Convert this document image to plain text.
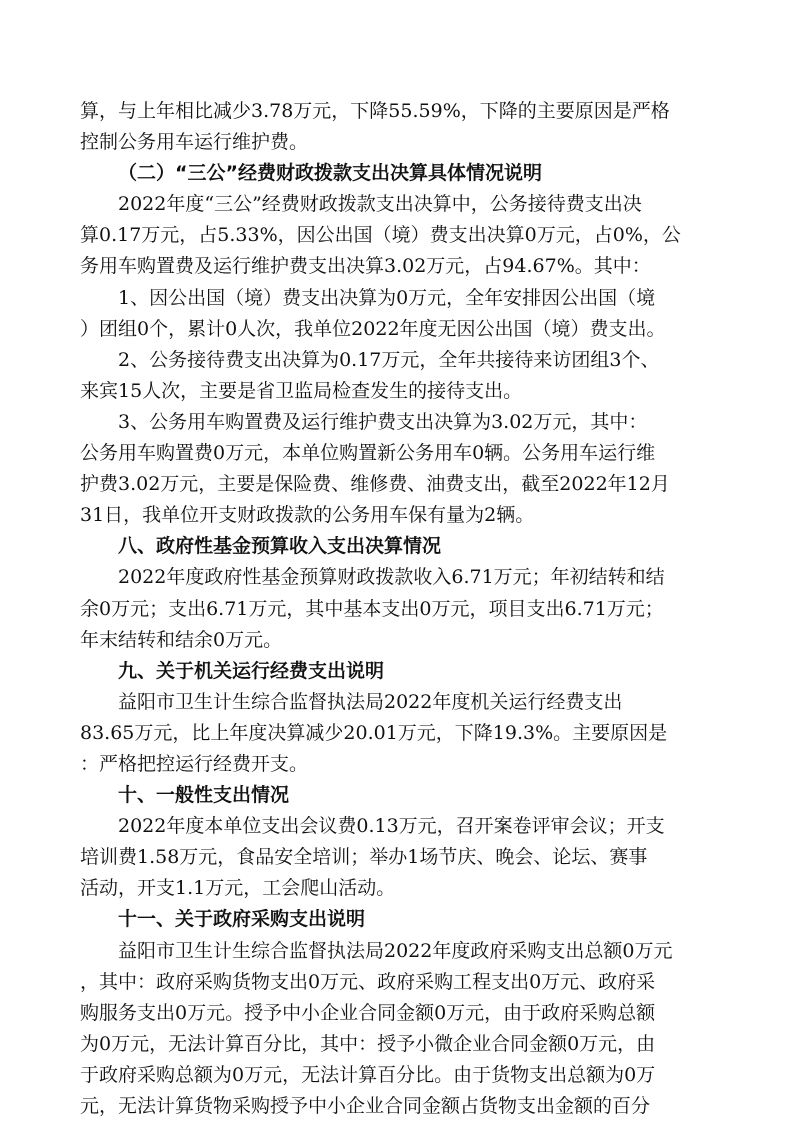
算，与上年相比减少3.78万元，下降55.59%，下降的主要原因是严格
控制公务用车运行维护费。
（二）“三公”经费财政拨款支出决算具体情况说明
2022年度“三公”经费财政拨款支出决算中，公务接待费支出决
算0.17万元，占5.33%，因公出国（境）费支出决算0万元，占0%，公
务用车购置费及运行维护费支出决算3.02万元，占94.67%。其中：
1、因公出国（境）费支出决算为0万元，全年安排因公出国（境
）团组0个，累计0人次，我单位2022年度无因公出国（境）费支出。
2、公务接待费支出决算为0.17万元，全年共接待来访团组3个、
来宾15人次，主要是省卫监局检查发生的接待支出。
3、公务用车购置费及运行维护费支出决算为3.02万元，其中：
公务用车购置费0万元，本单位购置新公务用车0辆。公务用车运行维
护费3.02万元，主要是保险费、维修费、油费支出，截至2022年12月
31日，我单位开支财政拨款的公务用车保有量为2辆。
八、政府性基金预算收入支出决算情况
2022年度政府性基金预算财政拨款收入6.71万元；年初结转和结
余0万元；支出6.71万元，其中基本支出0万元，项目支出6.71万元；
年末结转和结余0万元。
九、关于机关运行经费支出说明
益阳市卫生计生综合监督执法局2022年度机关运行经费支出
83.65万元，比上年度决算减少20.01万元，下降19.3%。主要原因是
：严格把控运行经费开支。
十、一般性支出情况
2022年度本单位支出会议费0.13万元，召开案卷评审会议；开支
培训费1.58万元，食品安全培训；举办1场节庆、晚会、论坛、赛事
活动，开支1.1万元，工会爬山活动。
十一、关于政府采购支出说明
益阳市卫生计生综合监督执法局2022年度政府采购支出总额0万元
，其中：政府采购货物支出0万元、政府采购工程支出0万元、政府采
购服务支出0万元。授予中小企业合同金额0万元，由于政府采购总额
为0万元，无法计算百分比，其中：授予小微企业合同金额0万元，由
于政府采购总额为0万元，无法计算百分比。由于货物支出总额为0万
元，无法计算货物采购授予中小企业合同金额占货物支出金额的百分
